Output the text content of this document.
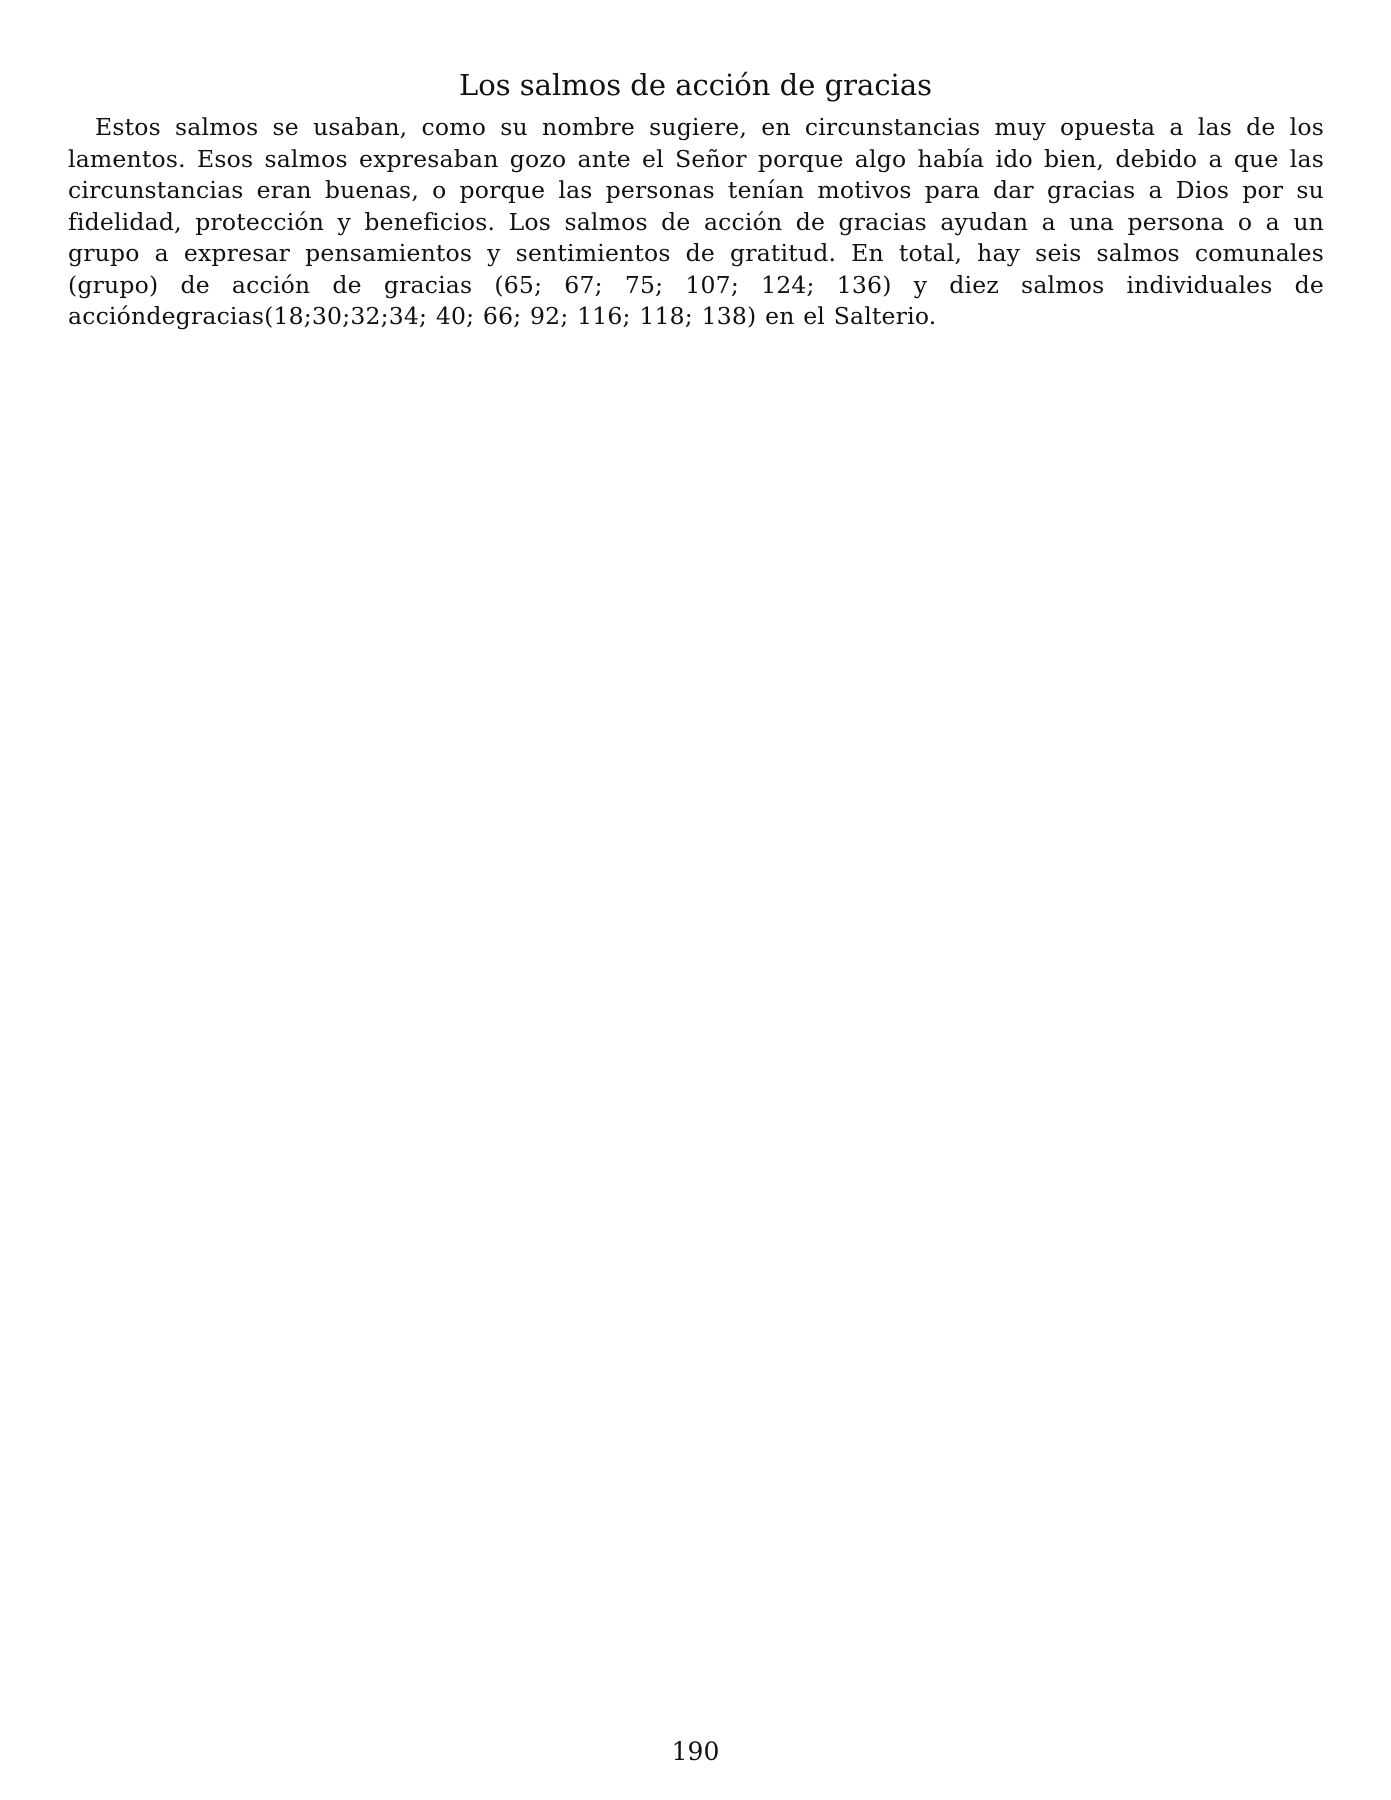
Los salmos de acción de gracias

Estos salmos se usaban, como su nombre sugiere, en circunstancias muy opuesta a las de los lamentos. Esos salmos expresaban gozo ante el Señor porque algo había ido bien, debido a que las circunstancias eran buenas, o porque las personas tenían motivos para dar gracias a Dios por su fidelidad, protección y beneficios. Los salmos de acción de gracias ayudan a una persona o a un grupo a expresar pensamientos y sentimientos de gratitud. En total, hay seis salmos comunales (grupo) de acción de gracias (65; 67; 75; 107; 124; 136) y diez salmos individuales de accióndegracias(18;30;32;34; 40; 66; 92; 116; 118; 138) en el Salterio.

190
